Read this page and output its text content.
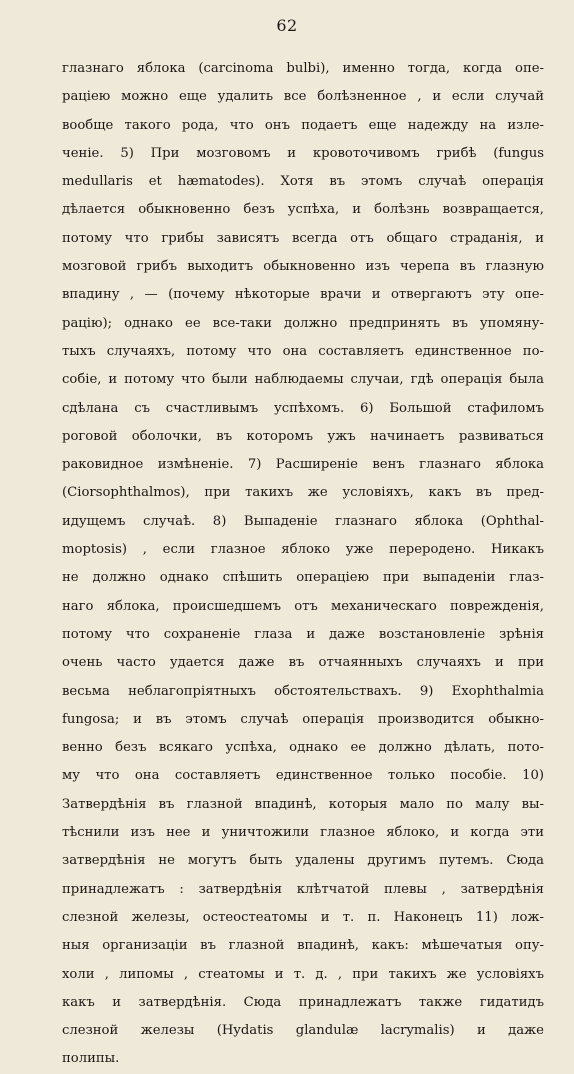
62
глазнаго яблока (carcinoma bulbi), именно тогда, когда опе-
раціею можно еще удалить все болѣзненное , и если случай
вообще такого рода, что онъ подаетъ еще надежду на изле-
ченіе. 5) При мозговомъ и кровоточивомъ грибѣ (fungus
medullaris et hæmatodes). Хотя въ этомъ случаѣ операція
дѣлается обыкновенно безъ успѣха, и болѣзнь возвращается,
потому что грибы зависятъ всегда отъ общаго страданія, и
мозговой грибъ выходитъ обыкновенно изъ черепа въ глазную
впадину , — (почему нѣкоторые врачи и отвергаютъ эту опе-
рацію); однако ее все-таки должно предпринять въ упомяну-
тыхъ случаяхъ, потому что она составляетъ единственное по-
собіе, и потому что были наблюдаемы случаи, гдѣ операція была
сдѣлана съ счастливымъ успѣхомъ. 6) Большой стафиломъ
роговой оболочки, въ которомъ ужъ начинаетъ развиваться
раковидное измѣненіе. 7) Расширеніе венъ глазнаго яблока
(Ciorsophthalmos), при такихъ же условіяхъ, какъ въ пред-
идущемъ случаѣ. 8) Выпаденіе глазнаго яблока (Ophthal-
moptosis) , если глазное яблоко уже переродено. Никакъ
не должно однако спѣшить операціею при выпаденіи глаз-
наго яблока, происшедшемъ отъ механическаго поврежденія,
потому что сохраненіе глаза и даже возстановленіе зрѣнія
очень часто удается даже въ отчаянныхъ случаяхъ и при
весьма неблагопріятныхъ обстоятельствахъ. 9) Exophthalmia
fungosa; и въ этомъ случаѣ операція производится обыкно-
венно безъ всякаго успѣха, однако ее должно дѣлать, пото-
му что она составляетъ единственное только пособіе. 10)
Затвердѣнія въ глазной впадинѣ, которыя мало по малу вы-
тѣснили изъ нее и уничтожили глазное яблоко, и когда эти
затвердѣнія не могутъ быть удалены другимъ путемъ. Сюда
принадлежатъ : затвердѣнія клѣтчатой плевы , затвердѣнія
слезной железы, остеостеатомы и т. п. Наконецъ 11) лож-
ныя организаціи въ глазной впадинѣ, какъ: мѣшечатыя опу-
холи , липомы , стеатомы и т. д. , при такихъ же условіяхъ
какъ и затвердѣнія. Сюда принадлежатъ также гидатидъ
слезной железы (Hydatis glandulæ lacrymalis) и даже
полипы.
